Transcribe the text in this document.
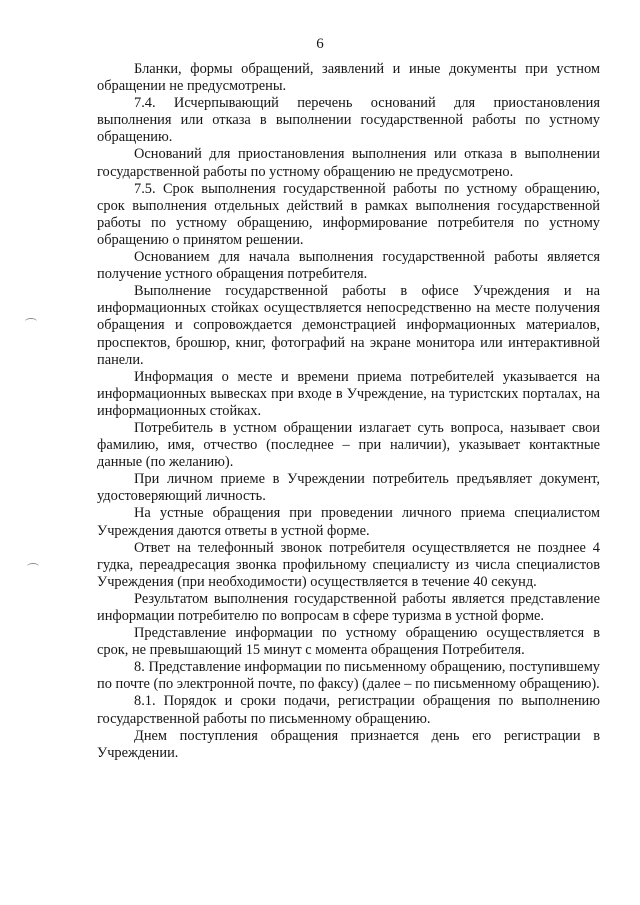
6

Бланки, формы обращений, заявлений и иные документы при устном обращении не предусмотрены.

7.4. Исчерпывающий перечень оснований для приостановления выполнения или отказа в выполнении государственной работы по устному обращению.

Оснований для приостановления выполнения или отказа в выполнении государственной работы по устному обращению не предусмотрено.

7.5. Срок выполнения государственной работы по устному обращению, срок выполнения отдельных действий в рамках выполнения государственной работы по устному обращению, информирование потребителя по устному обращению о принятом решении.

Основанием для начала выполнения государственной работы является получение устного обращения потребителя.

Выполнение государственной работы в офисе Учреждения и на информационных стойках осуществляется непосредственно на месте получения обращения и сопровождается демонстрацией информационных материалов, проспектов, брошюр, книг, фотографий на экране монитора или интерактивной панели.

Информация о месте и времени приема потребителей указывается на информационных вывесках при входе в Учреждение, на туристских порталах, на информационных стойках.

Потребитель в устном обращении излагает суть вопроса, называет свои фамилию, имя, отчество (последнее – при наличии), указывает контактные данные (по желанию).

При личном приеме в Учреждении потребитель предъявляет документ, удостоверяющий личность.

На устные обращения при проведении личного приема специалистом Учреждения даются ответы в устной форме.

Ответ на телефонный звонок потребителя осуществляется не позднее 4 гудка, переадресация звонка профильному специалисту из числа специалистов Учреждения (при необходимости) осуществляется в течение 40 секунд.

Результатом выполнения государственной работы является представление информации потребителю по вопросам в сфере туризма в устной форме.

Представление информации по устному обращению осуществляется в срок, не превышающий 15 минут с момента обращения Потребителя.

8. Представление информации по письменному обращению, поступившему по почте (по электронной почте, по факсу) (далее – по письменному обращению).

8.1. Порядок и сроки подачи, регистрации обращения по выполнению государственной работы по письменному обращению.

Днем поступления обращения признается день его регистрации в Учреждении.
